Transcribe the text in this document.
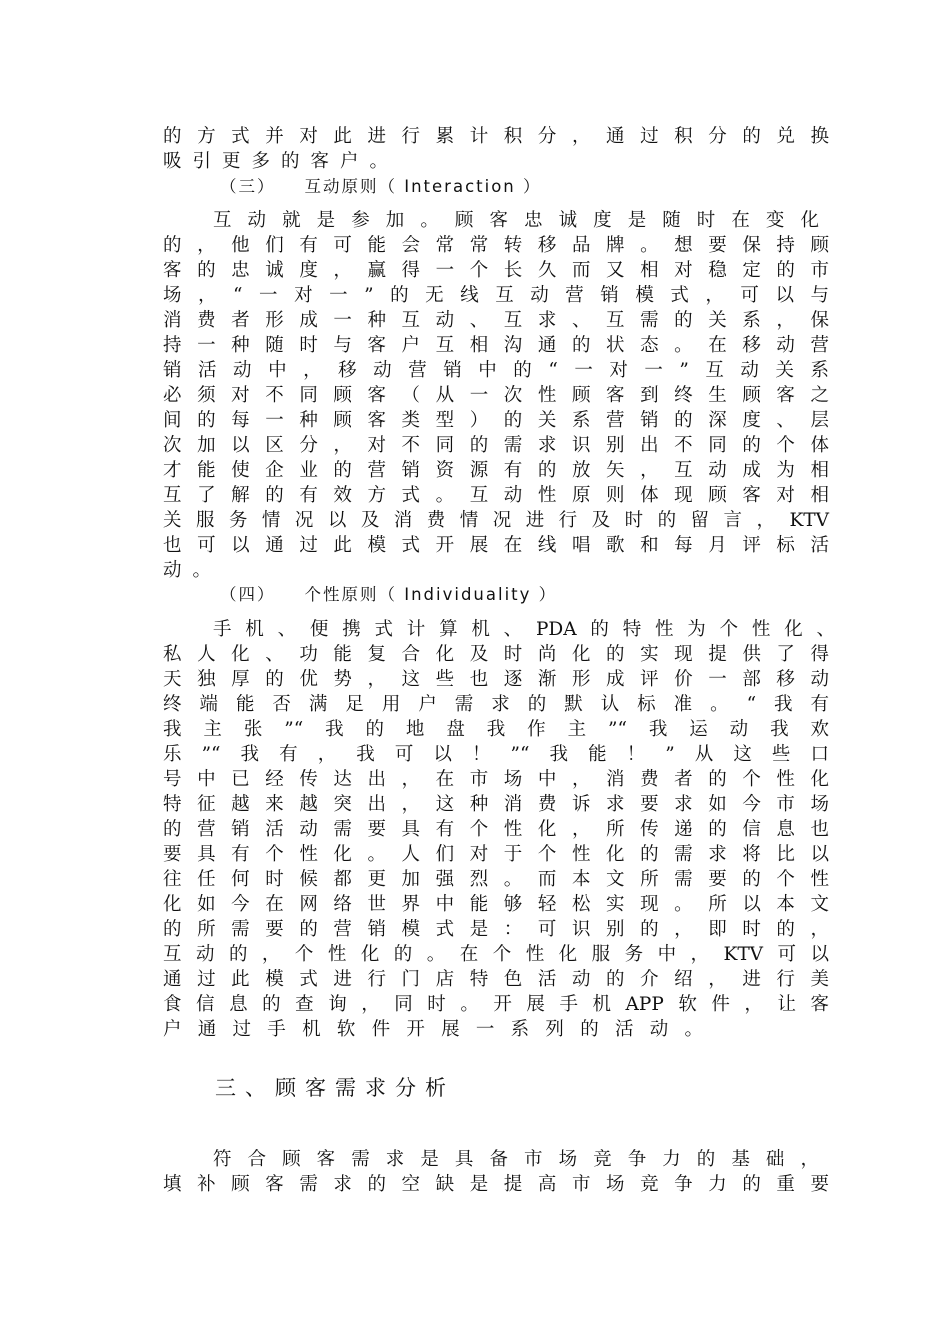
的方式并对此进行累计积分，通过积分的兑换
吸引更多的客户。
（三）    互动原则（ Interaction ）
互动就是参加。顾客忠诚度是随时在变化
的，他们有可能会常常转移品牌。想要保持顾
客的忠诚度，赢得一个长久而又相对稳定的市
场，“一对一”的无线互动营销模式，可以与
消费者形成一种互动、互求、互需的关系，保
持一种随时与客户互相沟通的状态。在移动营
销活动中，移动营销中的“一对一”互动关系
必须对不同顾客（从一次性顾客到终生顾客之
间的每一种顾客类型）的关系营销的深度、层
次加以区分，对不同的需求识别出不同的个体
才能使企业的营销资源有的放矢，互动成为相
互了解的有效方式。互动性原则体现顾客对相
关服务情况以及消费情况进行及时的留言，KTV
也可以通过此模式开展在线唱歌和每月评标活
动。
（四）    个性原则（ Individuality ）
手机、便携式计算机、PDA的特性为个性化、
私人化、功能复合化及时尚化的实现提供了得
天独厚的优势，这些也逐渐形成评价一部移动
终端能否满足用户需求的默认标准。“我有
我主张”“我的地盘我作主”“我运动我欢
乐”“我有，我可以！”“我能！”从这些口
号中已经传达出，在市场中，消费者的个性化
特征越来越突出，这种消费诉求要求如今市场
的营销活动需要具有个性化，所传递的信息也
要具有个性化。人们对于个性化的需求将比以
往任何时候都更加强烈。而本文所需要的个性
化如今在网络世界中能够轻松实现。所以本文
的所需要的营销模式是：可识别的，即时的，
互动的，个性化的。在个性化服务中，KTV可以
通过此模式进行门店特色活动的介绍，进行美
食信息的查询，同时。开展手机APP软件，让客
户通过手机软件开展一系列的活动。
三、顾客需求分析
符合顾客需求是具备市场竞争力的基础，
填补顾客需求的空缺是提高市场竞争力的重要
